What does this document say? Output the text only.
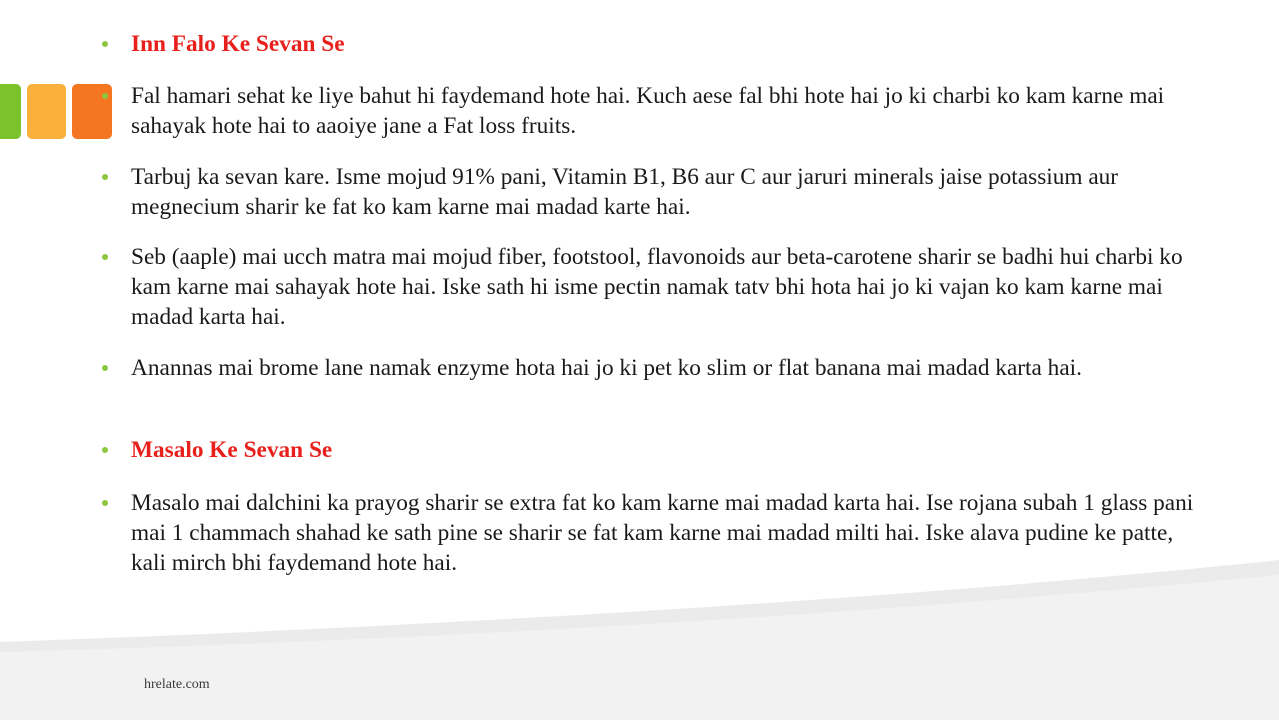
Inn Falo Ke Sevan Se
Fal hamari sehat ke liye bahut hi faydemand hote hai. Kuch aese fal bhi hote hai jo ki charbi ko kam karne mai sahayak hote hai to aaoiye jane a Fat loss fruits.
Tarbuj ka sevan kare. Isme mojud 91% pani, Vitamin B1, B6 aur C aur jaruri minerals jaise potassium aur megnecium sharir ke fat ko kam karne mai madad karte hai.
Seb (aaple) mai ucch matra mai mojud fiber, footstool, flavonoids aur beta-carotene sharir se badhi hui charbi ko kam karne mai sahayak hote hai. Iske sath hi isme pectin namak tatv bhi hota hai jo ki vajan ko kam karne mai madad karta hai.
Anannas mai brome lane namak enzyme hota hai jo ki pet ko slim or flat banana mai madad karta hai.
Masalo Ke Sevan Se
Masalo mai dalchini ka prayog sharir se extra fat ko kam karne mai madad karta hai. Ise rojana subah 1 glass pani mai 1 chammach shahad ke sath pine se sharir se fat kam karne mai madad milti hai. Iske alava pudine ke patte, kali mirch bhi faydemand hote hai.
hrelate.com
